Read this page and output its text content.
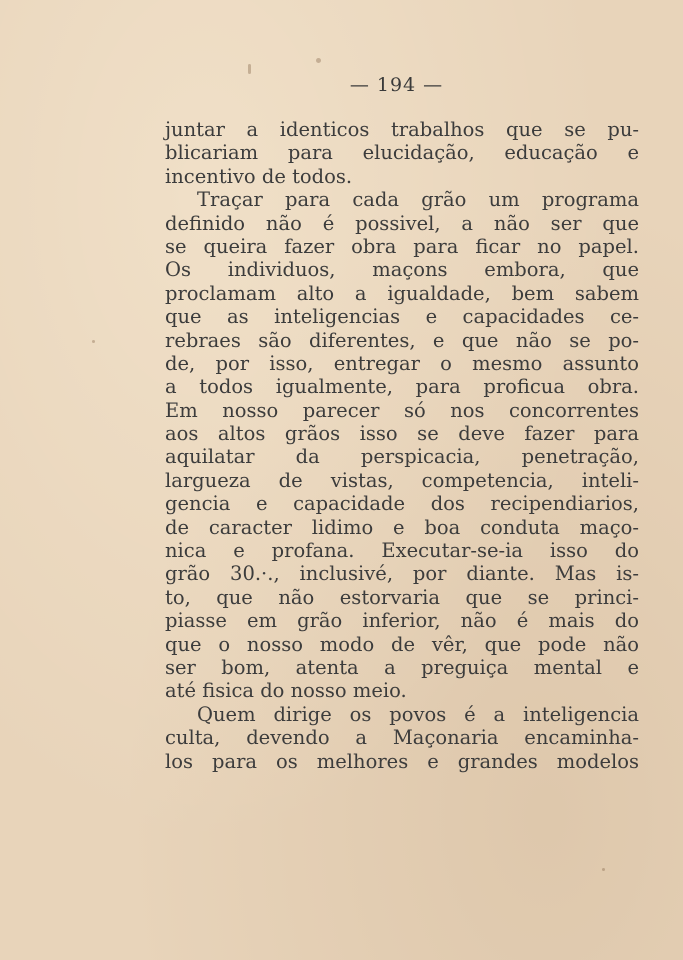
— 194 —
juntar a identicos trabalhos que se pu-
blicariam para elucidação, educação e
incentivo de todos.
Traçar para cada grão um programa
definido não é possivel, a não ser que
se queira fazer obra para ficar no papel.
Os individuos, maçons embora, que
proclamam alto a igualdade, bem sabem
que as inteligencias e capacidades ce-
rebraes são diferentes, e que não se po-
de, por isso, entregar o mesmo assunto
a todos igualmente, para proficua obra.
Em nosso parecer só nos concorrentes
aos altos grãos isso se deve fazer para
aquilatar da perspicacia, penetração,
largueza de vistas, competencia, inteli-
gencia e capacidade dos recipendiarios,
de caracter lidimo e boa conduta maço-
nica e profana. Executar-se-ia isso do
grão 30.·., inclusivé, por diante. Mas is-
to, que não estorvaria que se princi-
piasse em grão inferior, não é mais do
que o nosso modo de vêr, que pode não
ser bom, atenta a preguiça mental e
até fisica do nosso meio.
Quem dirige os povos é a inteligencia
culta, devendo a Maçonaria encaminha-
los para os melhores e grandes modelos
